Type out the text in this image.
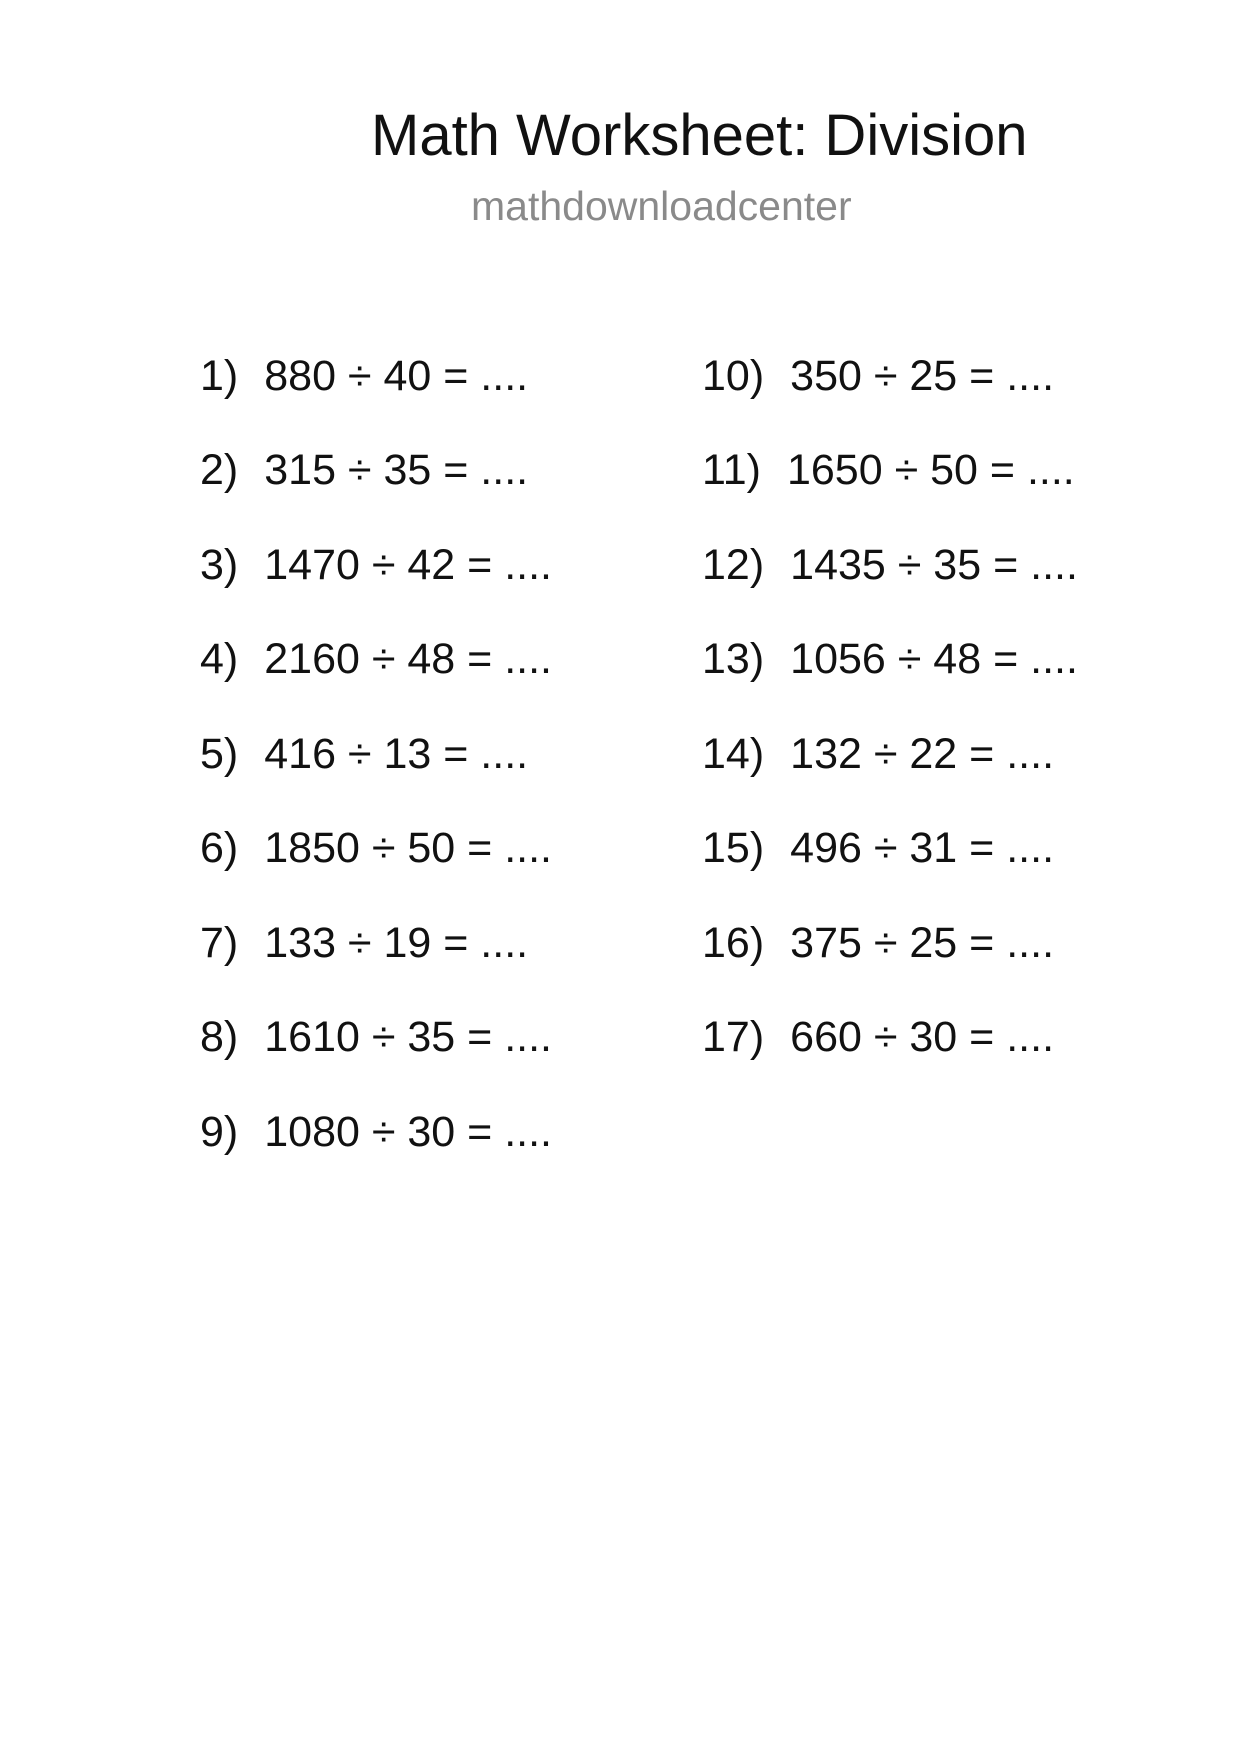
Math Worksheet: Division
mathdownloadcenter
1) 880 ÷ 40 = ....
2) 315 ÷ 35 = ....
3) 1470 ÷ 42 = ....
4) 2160 ÷ 48 = ....
5) 416 ÷ 13 = ....
6) 1850 ÷ 50 = ....
7) 133 ÷ 19 = ....
8) 1610 ÷ 35 = ....
9) 1080 ÷ 30 = ....
10) 350 ÷ 25 = ....
11) 1650 ÷ 50 = ....
12) 1435 ÷ 35 = ....
13) 1056 ÷ 48 = ....
14) 132 ÷ 22 = ....
15) 496 ÷ 31 = ....
16) 375 ÷ 25 = ....
17) 660 ÷ 30 = ....
